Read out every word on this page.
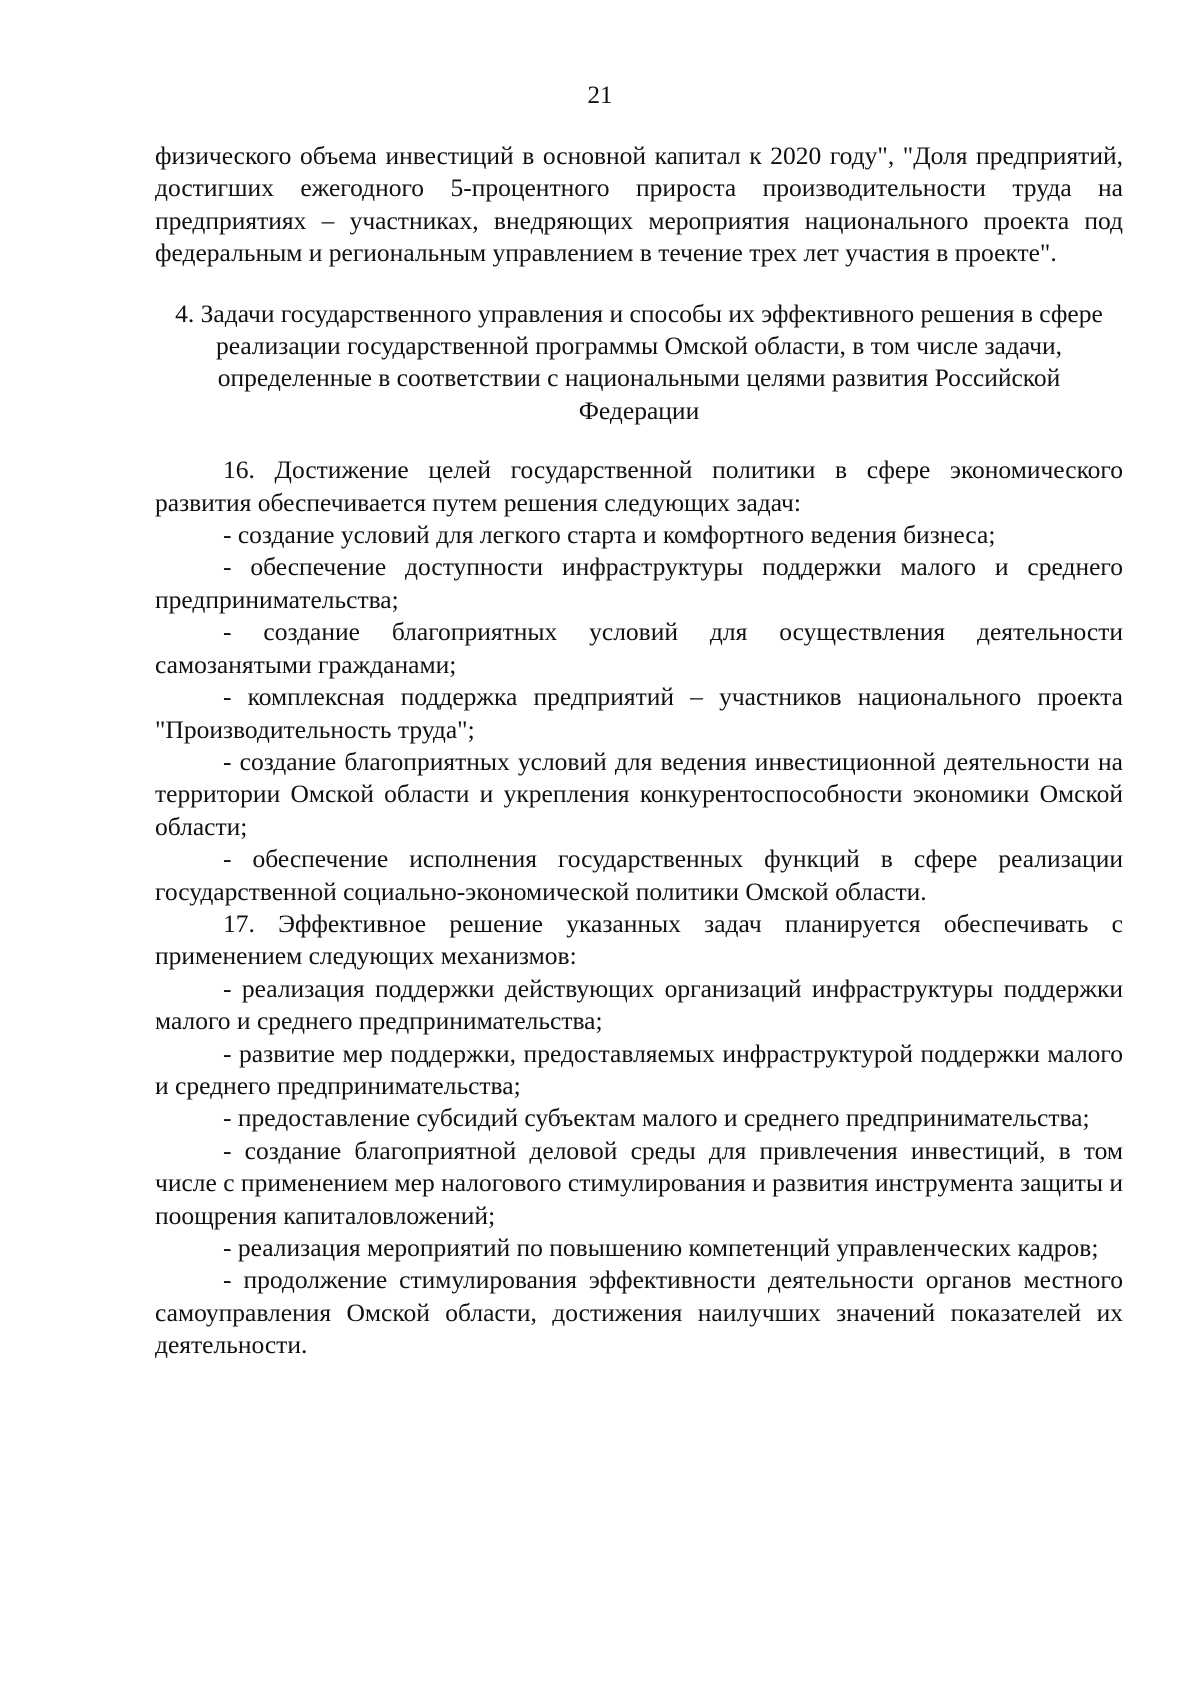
21

физического объема инвестиций в основной капитал к 2020 году", "Доля предприятий, достигших ежегодного 5-процентного прироста производительности труда на предприятиях – участниках, внедряющих мероприятия национального проекта под федеральным и региональным управлением в течение трех лет участия в проекте".

4. Задачи государственного управления и способы их эффективного решения в сфере реализации государственной программы Омской области, в том числе задачи, определенные в соответствии с национальными целями развития Российской Федерации

16. Достижение целей государственной политики в сфере экономического развития обеспечивается путем решения следующих задач:

- создание условий для легкого старта и комфортного ведения бизнеса;

- обеспечение доступности инфраструктуры поддержки малого и среднего предпринимательства;

- создание благоприятных условий для осуществления деятельности самозанятыми гражданами;

- комплексная поддержка предприятий – участников национального проекта "Производительность труда";

- создание благоприятных условий для ведения инвестиционной деятельности на территории Омской области и укрепления конкурентоспособности экономики Омской области;

- обеспечение исполнения государственных функций в сфере реализации государственной социально-экономической политики Омской области.

17. Эффективное решение указанных задач планируется обеспечивать с применением следующих механизмов:

- реализация поддержки действующих организаций инфраструктуры поддержки малого и среднего предпринимательства;

- развитие мер поддержки, предоставляемых инфраструктурой поддержки малого и среднего предпринимательства;

- предоставление субсидий субъектам малого и среднего предпринимательства;

- создание благоприятной деловой среды для привлечения инвестиций, в том числе с применением мер налогового стимулирования и развития инструмента защиты и поощрения капиталовложений;

- реализация мероприятий по повышению компетенций управленческих кадров;

- продолжение стимулирования эффективности деятельности органов местного самоуправления Омской области, достижения наилучших значений показателей их деятельности.
